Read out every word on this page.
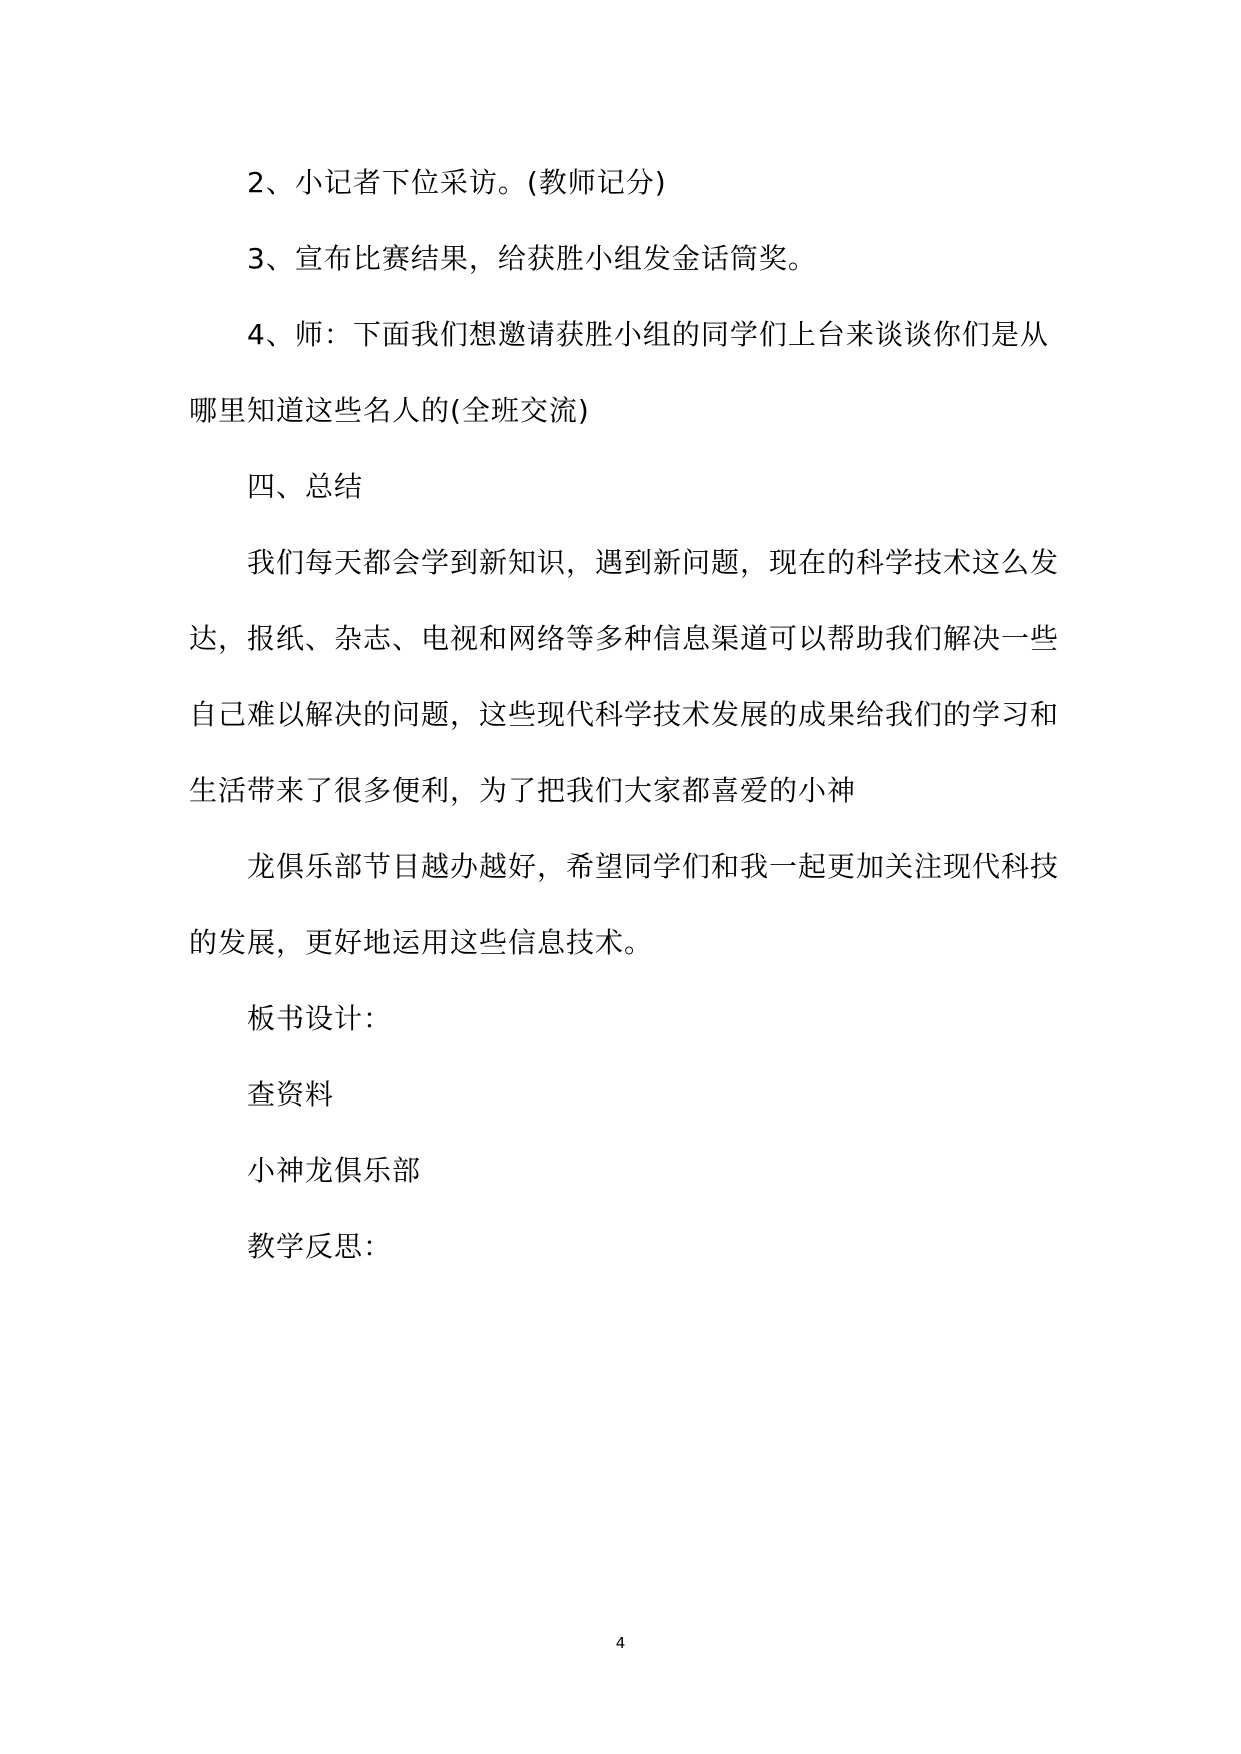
2、小记者下位采访。(教师记分)

3、宣布比赛结果，给获胜小组发金话筒奖。

4、师：下面我们想邀请获胜小组的同学们上台来谈谈你们是从
哪里知道这些名人的(全班交流)

四、总结

我们每天都会学到新知识，遇到新问题，现在的科学技术这么发
达，报纸、杂志、电视和网络等多种信息渠道可以帮助我们解决一些
自己难以解决的问题，这些现代科学技术发展的成果给我们的学习和
生活带来了很多便利，为了把我们大家都喜爱的小神

龙俱乐部节目越办越好，希望同学们和我一起更加关注现代科技
的发展，更好地运用这些信息技术。

板书设计：

查资料

小神龙俱乐部

教学反思：

4
